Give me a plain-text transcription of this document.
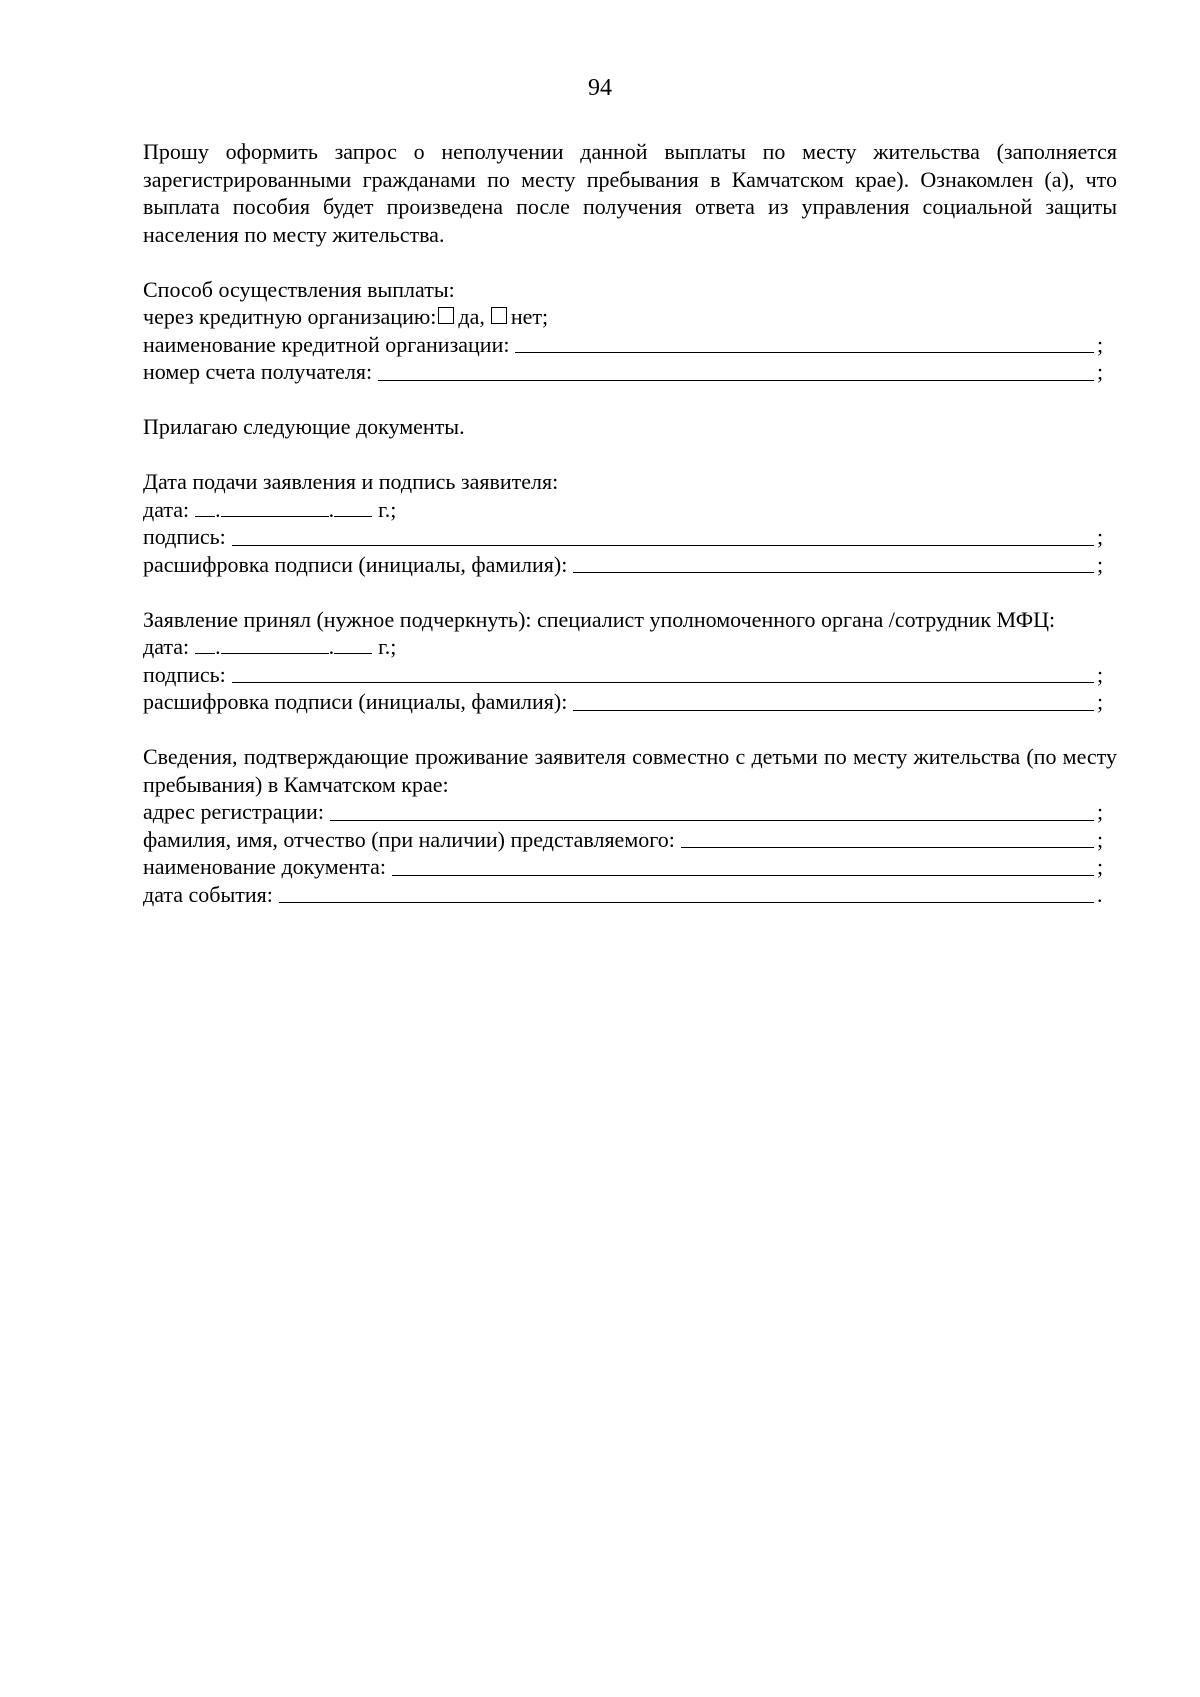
94

Прошу оформить запрос о неполучении данной выплаты по месту жительства (заполняется зарегистрированными гражданами по месту пребывания в Камчатском крае). Ознакомлен (а), что выплата пособия будет произведена после получения ответа из управления социальной защиты населения по месту жительства.

Способ осуществления выплаты:
через кредитную организацию: да, нет;
наименование кредитной организации:	;
номер счета получателя:	;
Прилагаю следующие документы.
Дата подачи заявления и подпись заявителя:
дата: .	. г.;
подпись:	;
расшифровка подписи (инициалы, фамилия):	;

Заявление принял (нужное подчеркнуть): специалист уполномоченного органа /сотрудник МФЦ:

дата: .	. г.;
подпись:	;
расшифровка подписи (инициалы, фамилия):	;

Сведения, подтверждающие проживание заявителя совместно с детьми по месту жительства (по месту пребывания) в Камчатском крае:

адрес регистрации:	;
фамилия, имя, отчество (при наличии) представляемого:	;
наименование документа:	;
дата события:	.
